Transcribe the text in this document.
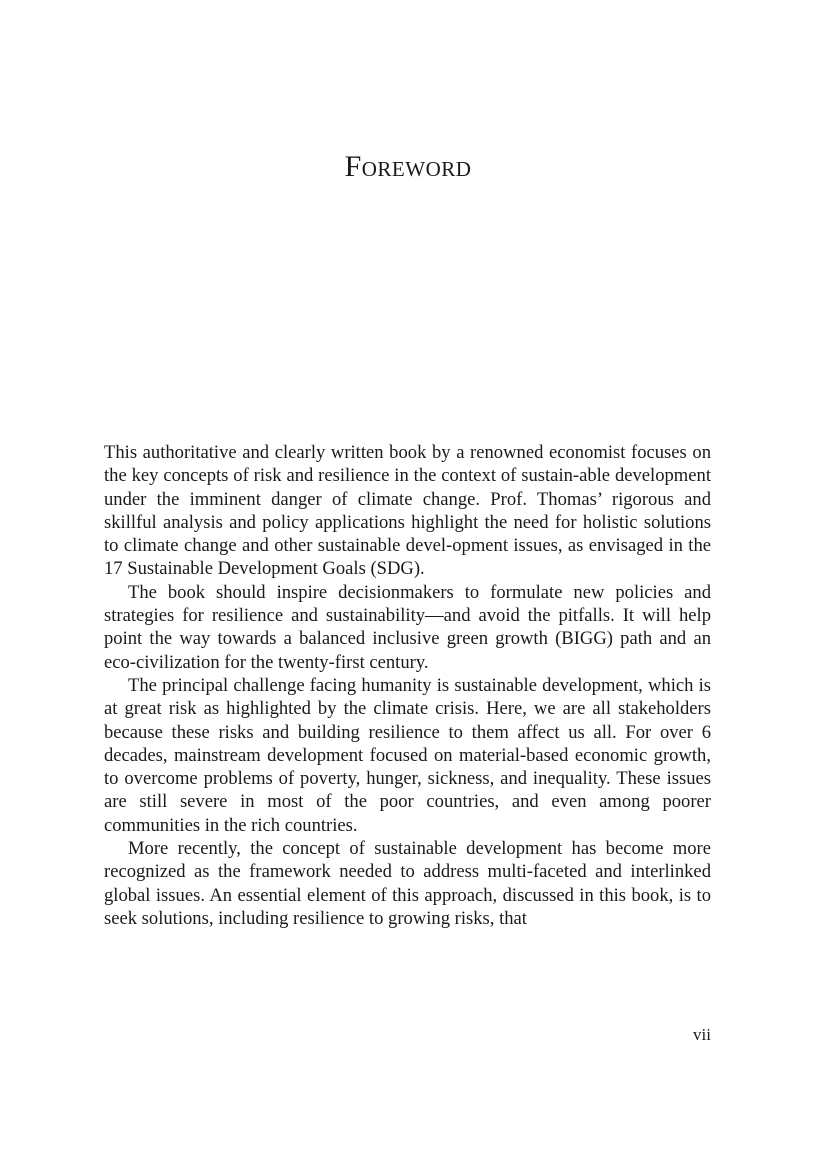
Foreword

This authoritative and clearly written book by a renowned economist focuses on the key concepts of risk and resilience in the context of sustain-able development under the imminent danger of climate change. Prof. Thomas’ rigorous and skillful analysis and policy applications highlight the need for holistic solutions to climate change and other sustainable devel-opment issues, as envisaged in the 17 Sustainable Development Goals (SDG).

The book should inspire decisionmakers to formulate new policies and strategies for resilience and sustainability—and avoid the pitfalls. It will help point the way towards a balanced inclusive green growth (BIGG) path and an eco-civilization for the twenty-first century.

The principal challenge facing humanity is sustainable development, which is at great risk as highlighted by the climate crisis. Here, we are all stakeholders because these risks and building resilience to them affect us all. For over 6 decades, mainstream development focused on material-based economic growth, to overcome problems of poverty, hunger, sickness, and inequality. These issues are still severe in most of the poor countries, and even among poorer communities in the rich countries.

More recently, the concept of sustainable development has become more recognized as the framework needed to address multi-faceted and interlinked global issues. An essential element of this approach, discussed in this book, is to seek solutions, including resilience to growing risks, that

vii
